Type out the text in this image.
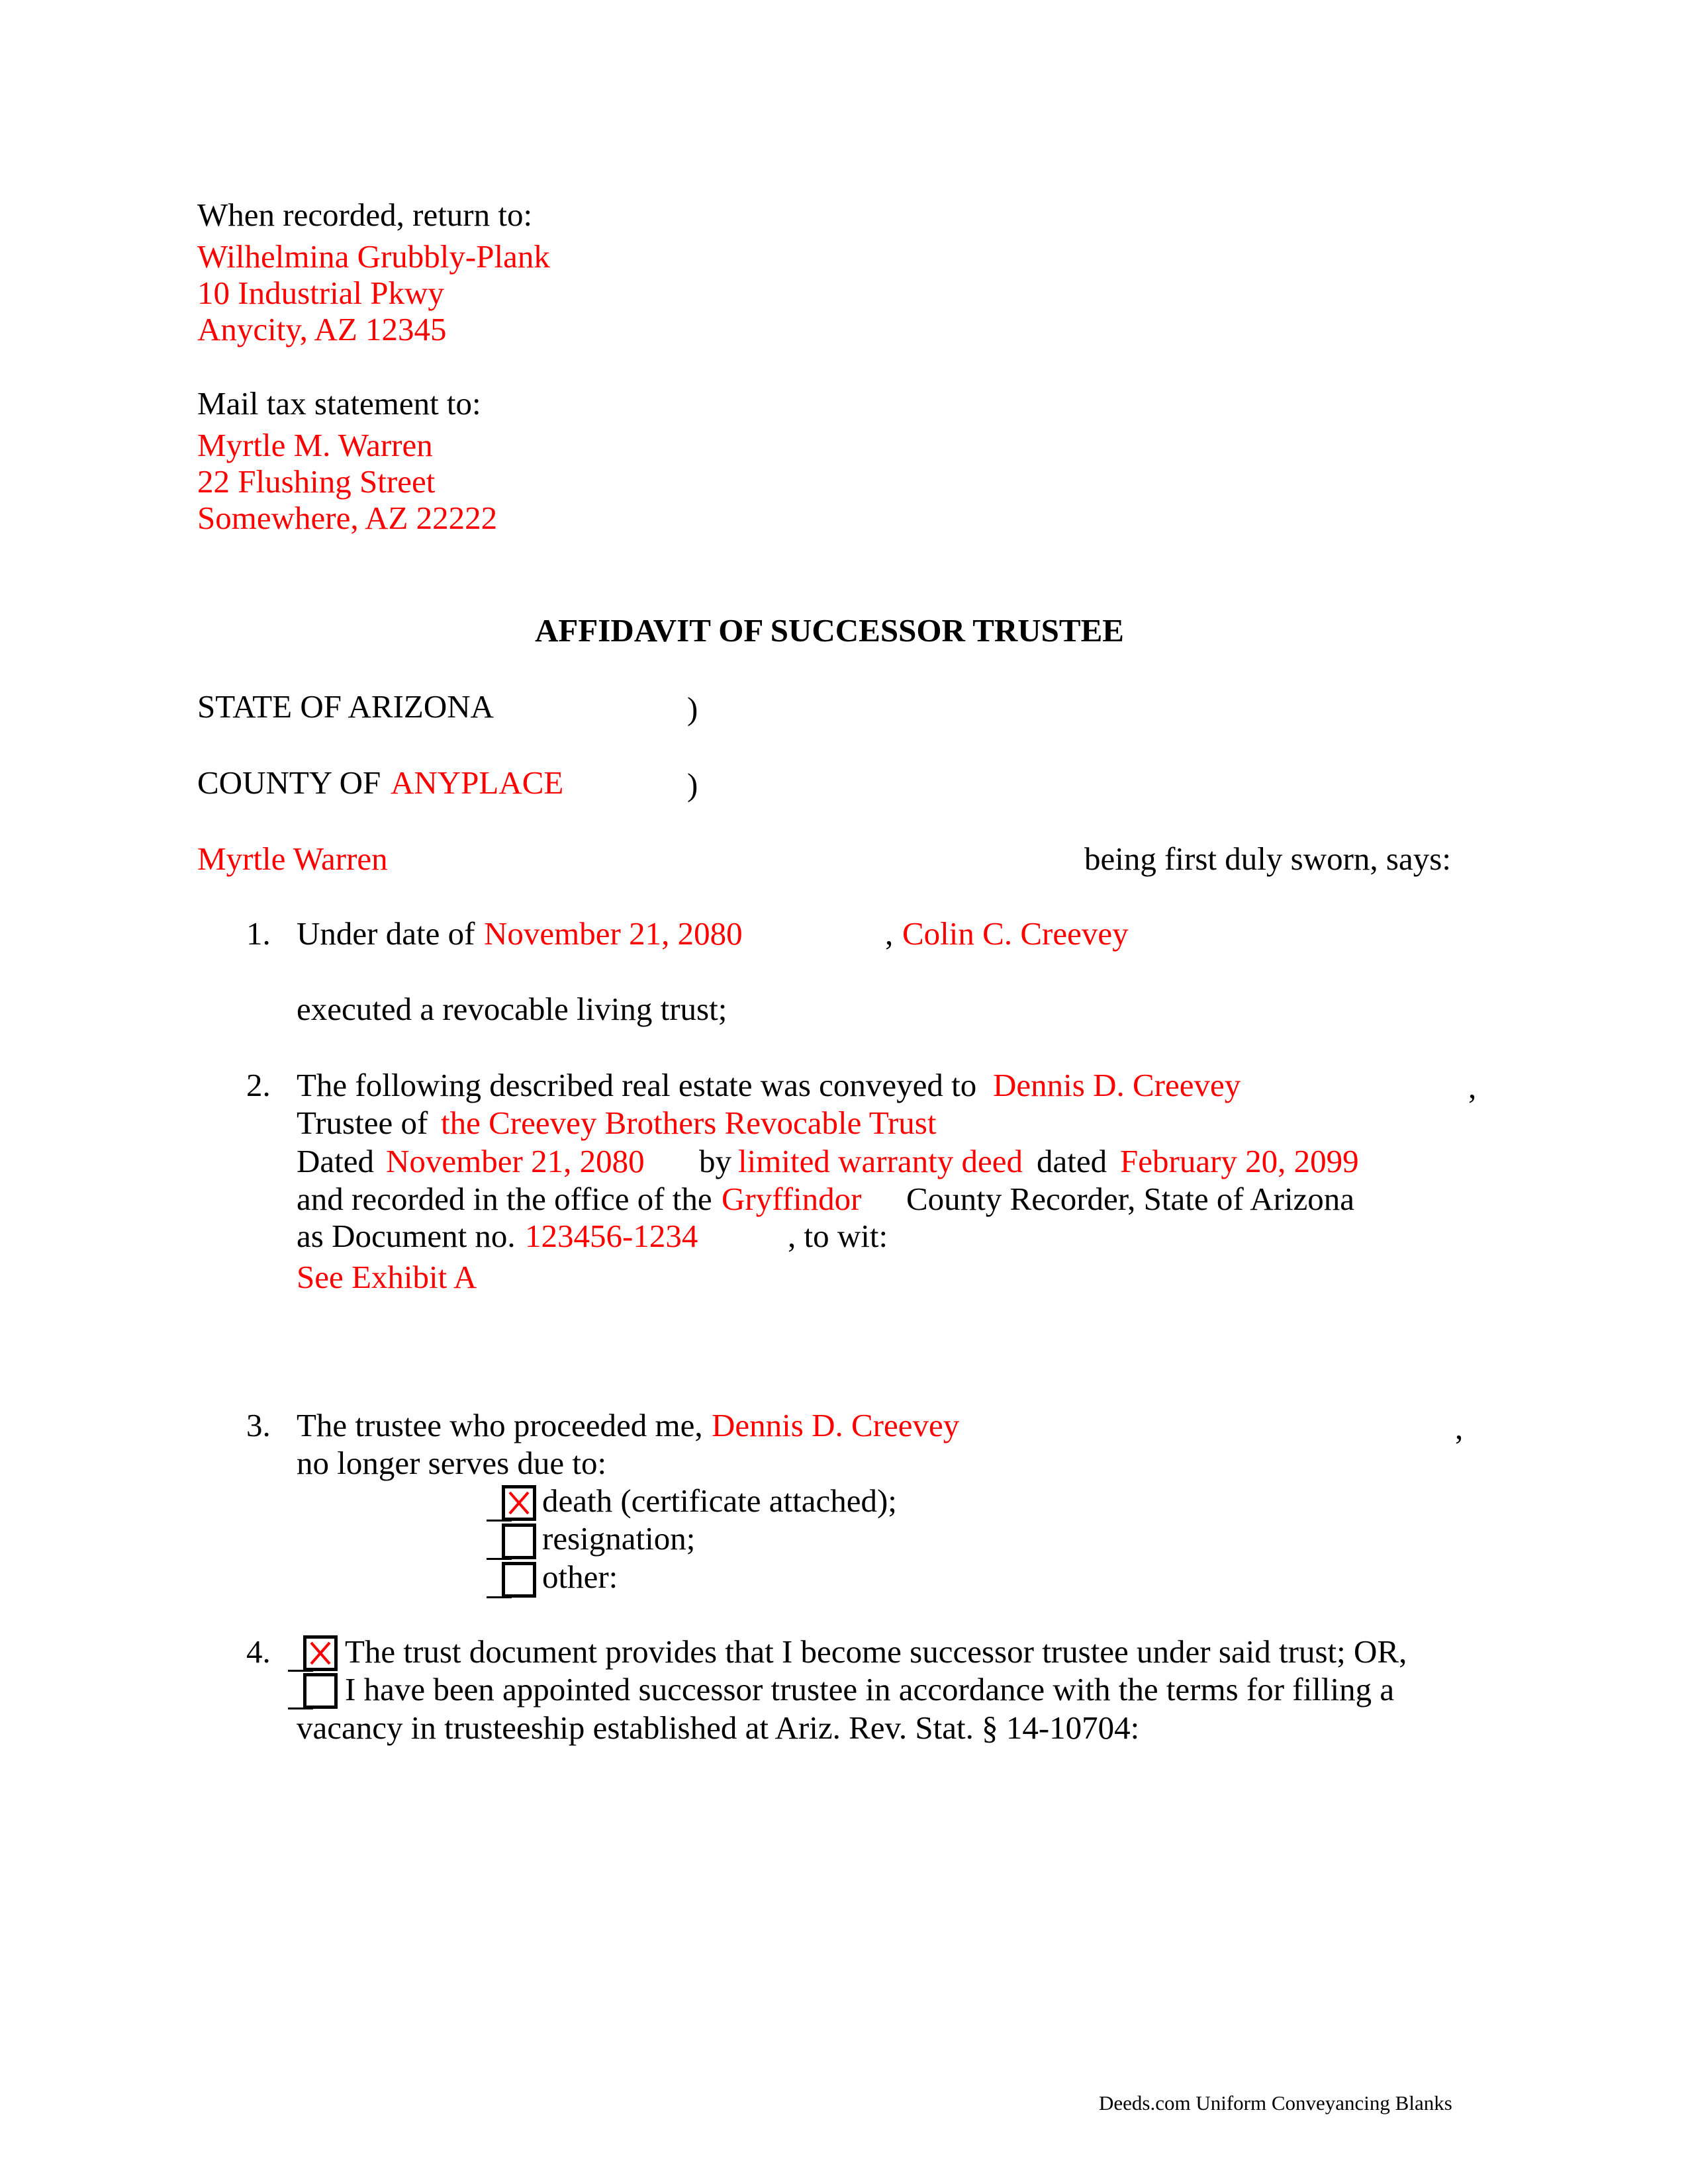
When recorded, return to:
Wilhelmina Grubbly-Plank
10 Industrial Pkwy
Anycity, AZ 12345
Mail tax statement to:
Myrtle M. Warren
22 Flushing Street
Somewhere, AZ 22222
AFFIDAVIT OF SUCCESSOR TRUSTEE
STATE OF ARIZONA	)
COUNTY OF ANYPLACE	)
Myrtle Warren	being first duly sworn, says:
1. Under date of November 21, 2080	, Colin C. Creevey
executed a revocable living trust;
2. The following described real estate was conveyed to Dennis D. Creevey	,
Trustee of the Creevey Brothers Revocable Trust
Dated November 21, 2080 by limited warranty deed dated February 20, 2099
and recorded in the office of the Gryffindor County Recorder, State of Arizona
as Document no. 123456-1234	, to wit:
See Exhibit A
3. The trustee who proceeded me, Dennis D. Creevey	,
no longer serves due to:
death (certificate attached);
resignation;
other:
4. The trust document provides that I become successor trustee under said trust; OR,
I have been appointed successor trustee in accordance with the terms for filling a
vacancy in trusteeship established at Ariz. Rev. Stat. § 14-10704:
Deeds.com Uniform Conveyancing Blanks
